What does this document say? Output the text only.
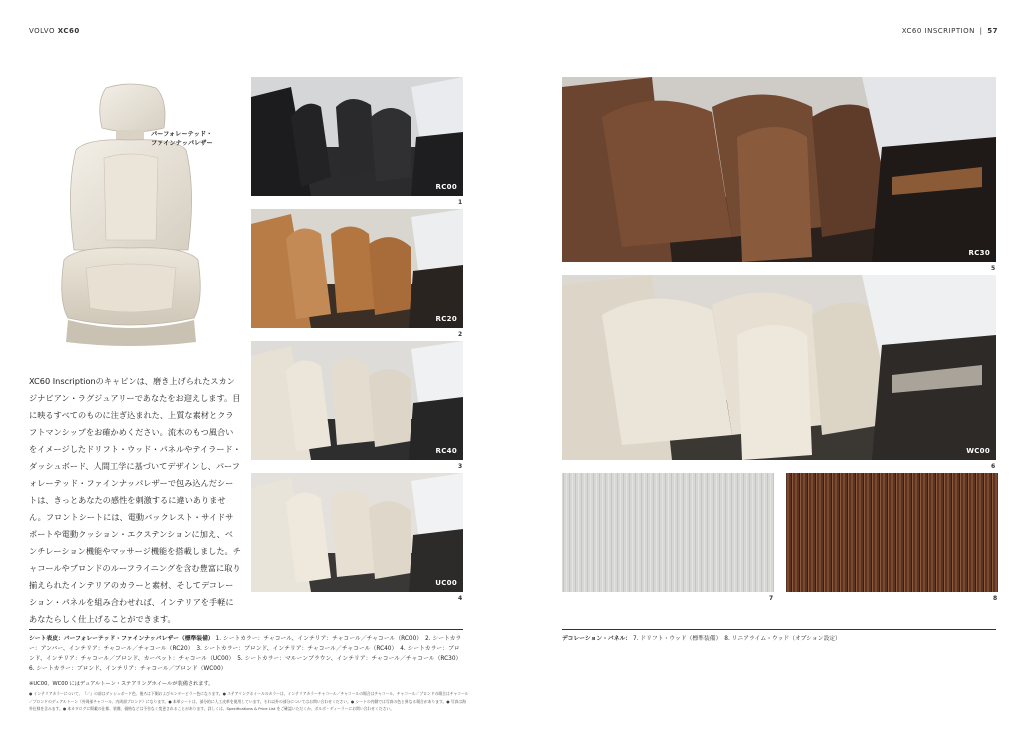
VOLVO XC60	XC60 INSCRIPTION | 57
パーフォレーテッド・
ファインナッパレザー
XC60 Inscriptionのキャビンは、磨き上げられたスカンジナビアン・ラグジュアリーであなたをお迎えします。目に映るすべてのものに注ぎ込まれた、上質な素材とクラフトマンシップをお確かめください。流木のもつ風合いをイメージしたドリフト・ウッド・パネルやテイラード・ダッシュボード、人間工学に基づいてデザインし、パーフォレーテッド・ファインナッパレザーで包み込んだシートは、きっとあなたの感性を刺激するに違いありません。フロントシートには、電動バックレスト・サイドサポートや電動クッション・エクステンションに加え、ベンチレーション機能やマッサージ機能を搭載しました。チャコールやブロンドのルーフライニングを含む豊富に取り揃えられたインテリアのカラーと素材、そしてデコレーション・パネルを組み合わせれば、インテリアを手軽にあなたらしく仕上げることができます。
RC00
1
RC20
2
RC40
3
UC00
4
RC30
5
WC00
6
7	8
シート表皮：パーフォレーテッド・ファインナッパレザー（標準装備） 1. シートカラー：チャコール、インテリア：チャコール／チャコール（RC00）　2. シートカラー：アンバー、インテリア：チャコール／チャコール（RC20）　3. シートカラー：ブロンド、インテリア：チャコール／チャコール（RC40）　4. シートカラー：ブロンド、インテリア：チャコール／ブロンド、カーペット：チャコール（UC00）　5. シートカラー：マルーンブラウン、インテリア：チャコール／チャコール（RC30）　6. シートカラー：ブロンド、インテリア：チャコール／ブロンド（WC00）
デコレーション・パネル： 7. ドリフト・ウッド（標準装備）　8. リニアライム・ウッド（オプション設定）
※UC00、WC00 にはデュアルトーン・ステアリングホイールが装備されます。
● インテリアカラーについて、『／』の前はダッシュボード色、後ろは下側およびセンターピラー色になります。● ステアリングホイールのカラーは、インテリアカラーチャコール／チャコールの場合はチャコール、チャコール／ブロンドの場合はチャコール／ブロンドのデュアルトーン（外周部チャコール、内周部ブロンド）になります。● 本革シートは、部分的に人工皮革を使用しています。それ以外の部分についてはお問い合わせください。● シートの内側では写真の色と異なる場合があります。● 写真は海外仕様を含みます。● 本カタログに掲載の仕様、装備、価格などは予告なく変更されることがあります。詳しくは、Specifications & Price List をご確認いただくか、ボルボ・ディーラーにお問い合わせください。
